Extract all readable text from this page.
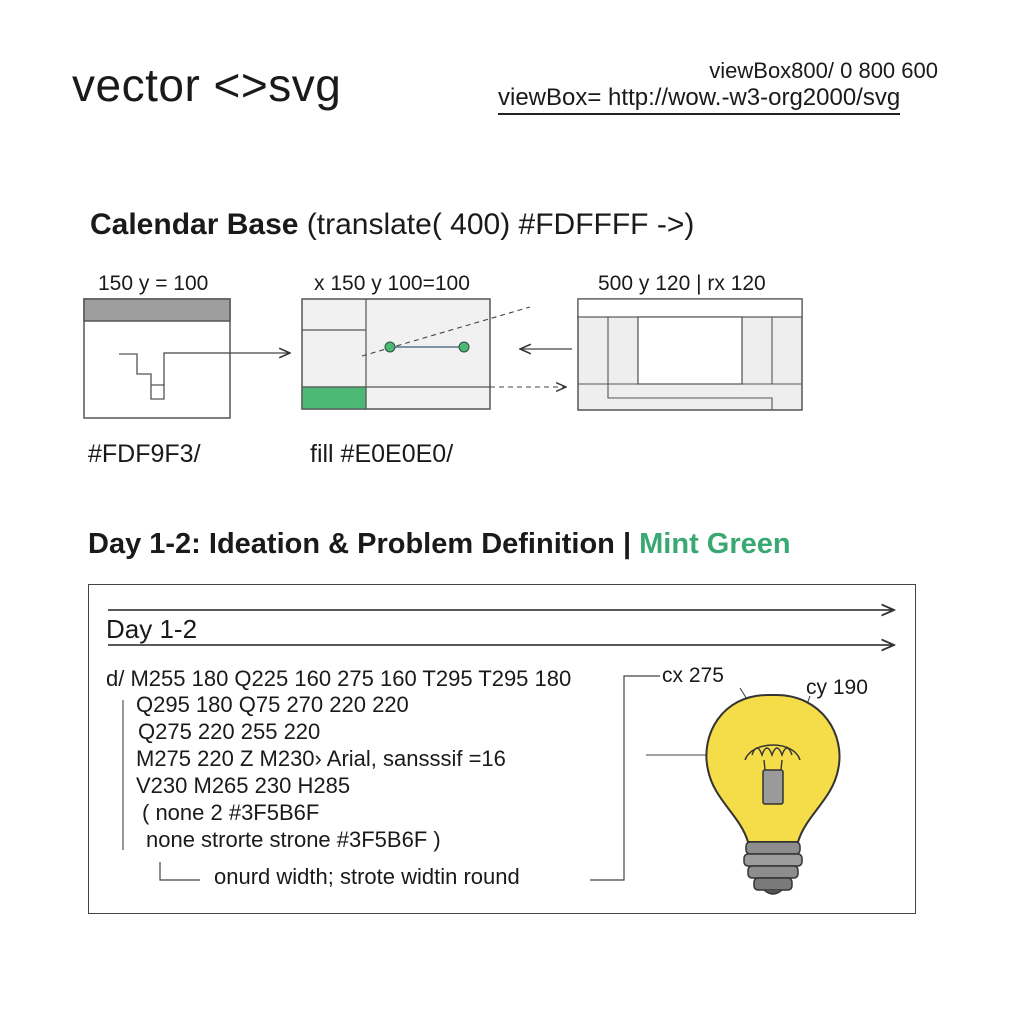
vector <>svg	viewBox800/ 0 800 600
viewBox= http://wow.-w3-org2000/svg
Calendar Base (translate( 400) #FDFFFF ->)
150 y = 100	x 150 y 100=100	500 y 120 | rx 120
#FDF9F3/	fill #E0E0E0/
Day 1-2: Ideation & Problem Definition | Mint Green
Day 1-2
d/ M255 180 Q225 160 275 160 T295 T295 180
Q295 180 Q75 270 220 220
Q275 220 255 220
M275 220 Z M230› Arial, sansssif =16
V230 M265 230 H285
( none 2 #3F5B6F
none strorte strone #3F5B6F )
onurd width; strote widtin round
cx 275
cy 190
